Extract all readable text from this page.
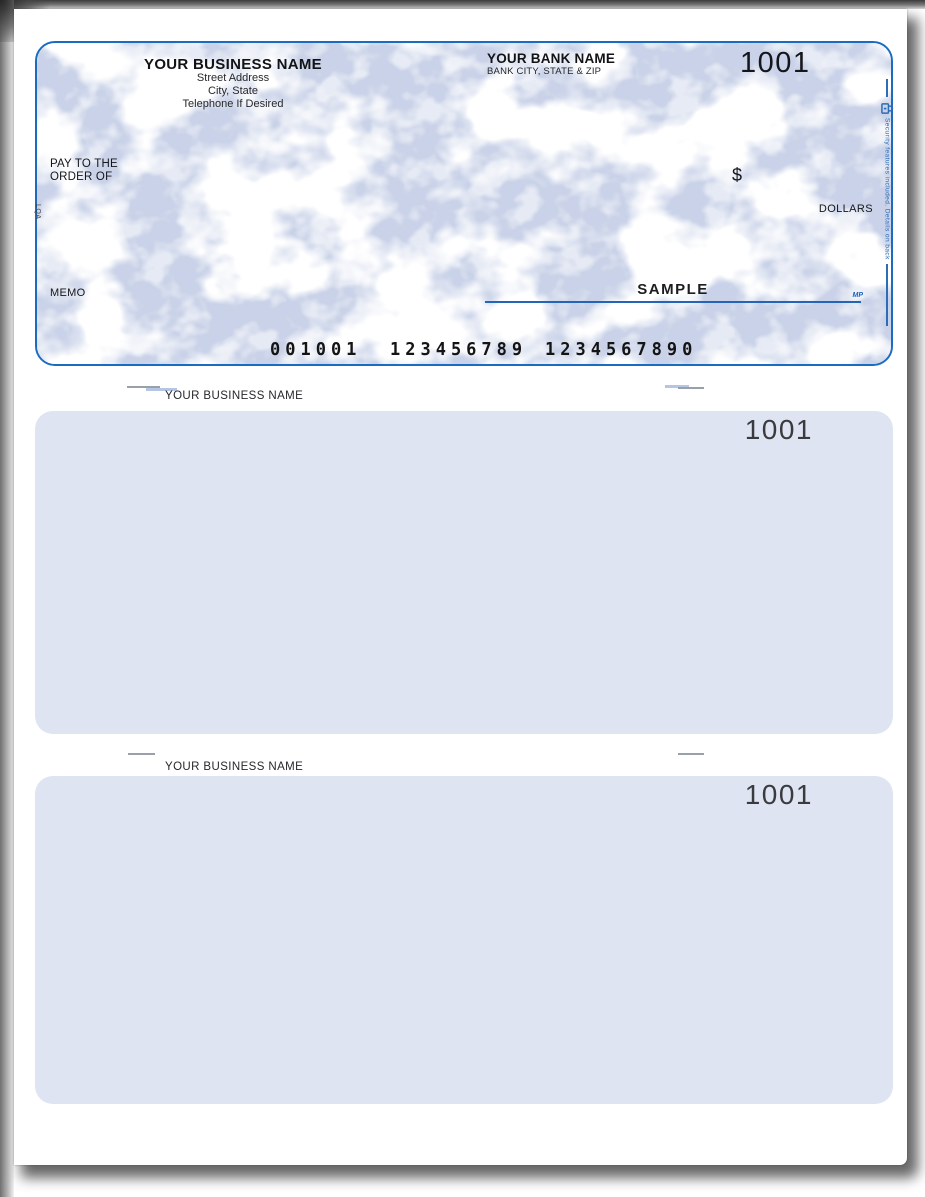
YOUR BUSINESS NAME
Street Address
City, State
Telephone If Desired
YOUR BANK NAME
BANK CITY, STATE & ZIP	1001
PAY TO THE
ORDER OF	$
DOLLARS
MEMO	SAMPLE	MP
001001 123456789 1234567890
LQA	Security features included. Details on back
YOUR BUSINESS NAME
1001
YOUR BUSINESS NAME
1001
